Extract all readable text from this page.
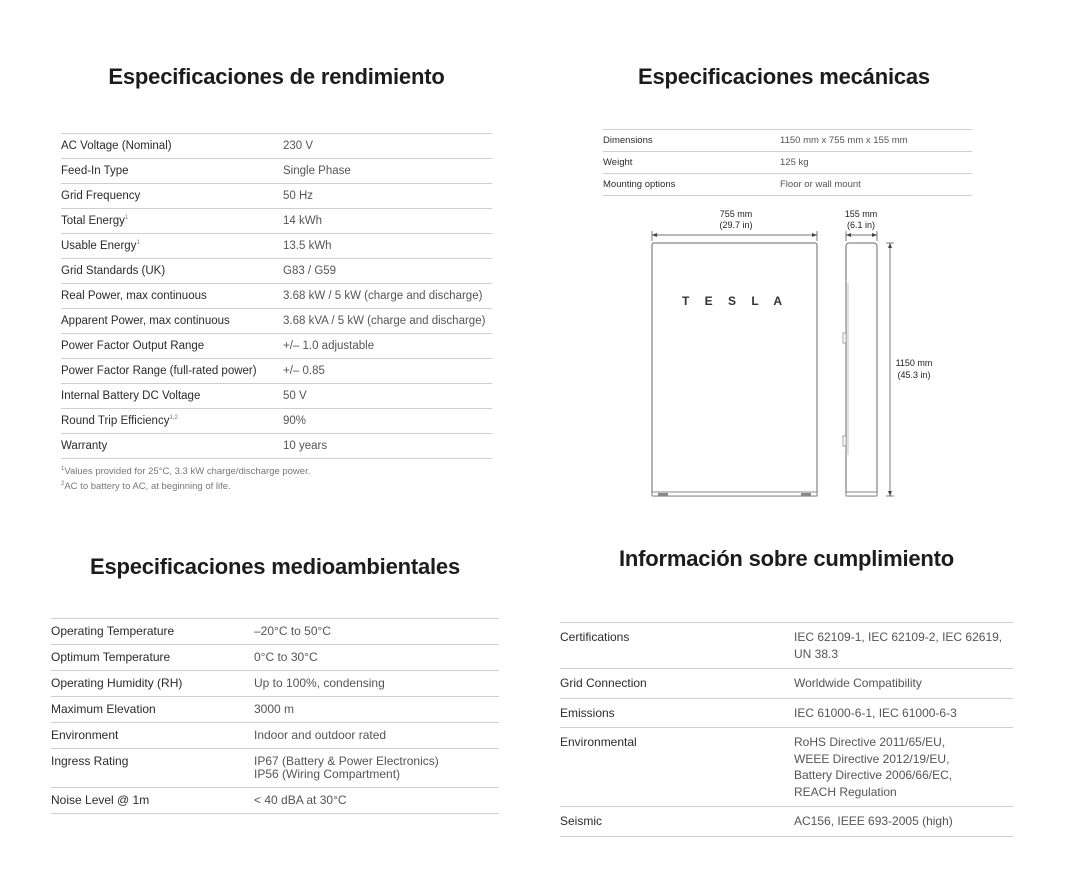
Especificaciones de rendimiento
AC Voltage (Nominal)	230 V
Feed-In Type	Single Phase
Grid Frequency	50 Hz
Total Energy$^1$	14 kWh
Usable Energy$^1$	13.5 kWh
Grid Standards (UK)	G83 / G59
Real Power, max continuous	3.68 kW / 5 kW (charge and discharge)
Apparent Power, max continuous	3.68 kVA / 5 kW (charge and discharge)
Power Factor Output Range	+/– 1.0 adjustable
Power Factor Range (full-rated power)	+/– 0.85
Internal Battery DC Voltage	50 V
Round Trip Efficiency$^{1,2}$	90%
Warranty	10 years
$^1$Values provided for 25°C, 3.3 kW charge/discharge power.
$^2$AC to battery to AC, at beginning of life.
Especificaciones mecánicas
Dimensions	1150 mm x 755 mm x 155 mm
Weight	125 kg
Mounting options	Floor or wall mount
T E S L A
755 mm
(29.7 in)
155 mm
(6.1 in)
1150 mm
(45.3 in)
Especificaciones medioambientales
Operating Temperature	–20°C to 50°C
Optimum Temperature	0°C to 30°C
Operating Humidity (RH)	Up to 100%, condensing
Maximum Elevation	3000 m
Environment	Indoor and outdoor rated
Ingress Rating	IP67 (Battery & Power Electronics)
IP56 (Wiring Compartment)
Noise Level @ 1m	< 40 dBA at 30°C
Información sobre cumplimiento
Certifications	IEC 62109-1, IEC 62109-2, IEC 62619,
UN 38.3
Grid Connection	Worldwide Compatibility
Emissions	IEC 61000-6-1, IEC 61000-6-3
Environmental	RoHS Directive 2011/65/EU,
WEEE Directive 2012/19/EU,
Battery Directive 2006/66/EC,
REACH Regulation
Seismic	AC156, IEEE 693-2005 (high)
